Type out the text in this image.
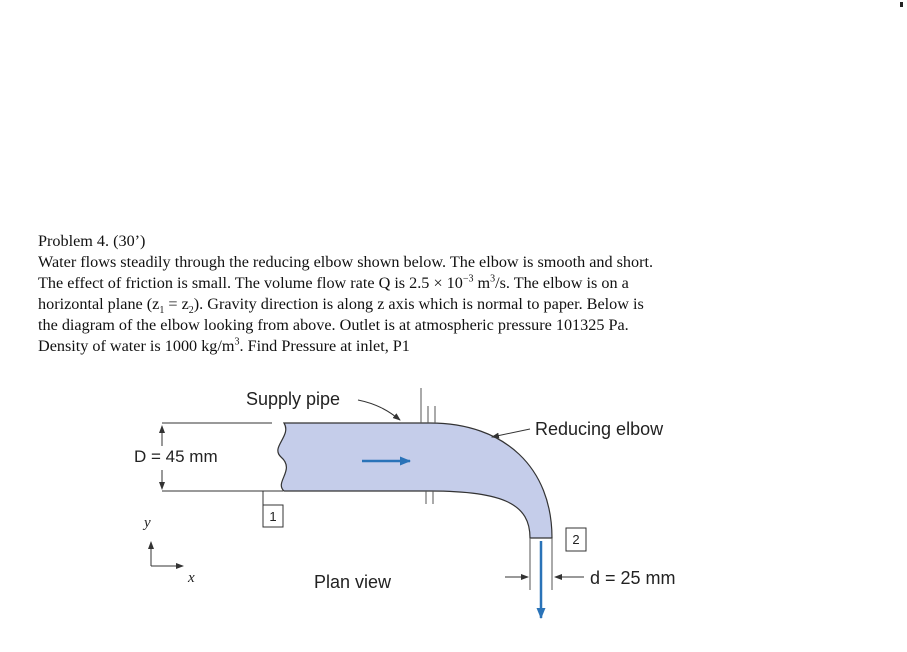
Problem 4. (30’)
Water flows steadily through the reducing elbow shown below. The elbow is smooth and short.
The effect of friction is small. The volume flow rate Q is $2.5 \times 10^{-3}$ $m^3/s$. The elbow is on a
horizontal plane $(z_1 = z_2)$. Gravity direction is along z axis which is normal to paper. Below is
the diagram of the elbow looking from above. Outlet is at atmospheric pressure 101325 Pa.
Density of water is 1000 $kg/m^3$. Find Pressure at inlet, P1
D = 45 mm
Supply pipe
Reducing elbow
1
2
d = 25 mm
Plan view
y
x
